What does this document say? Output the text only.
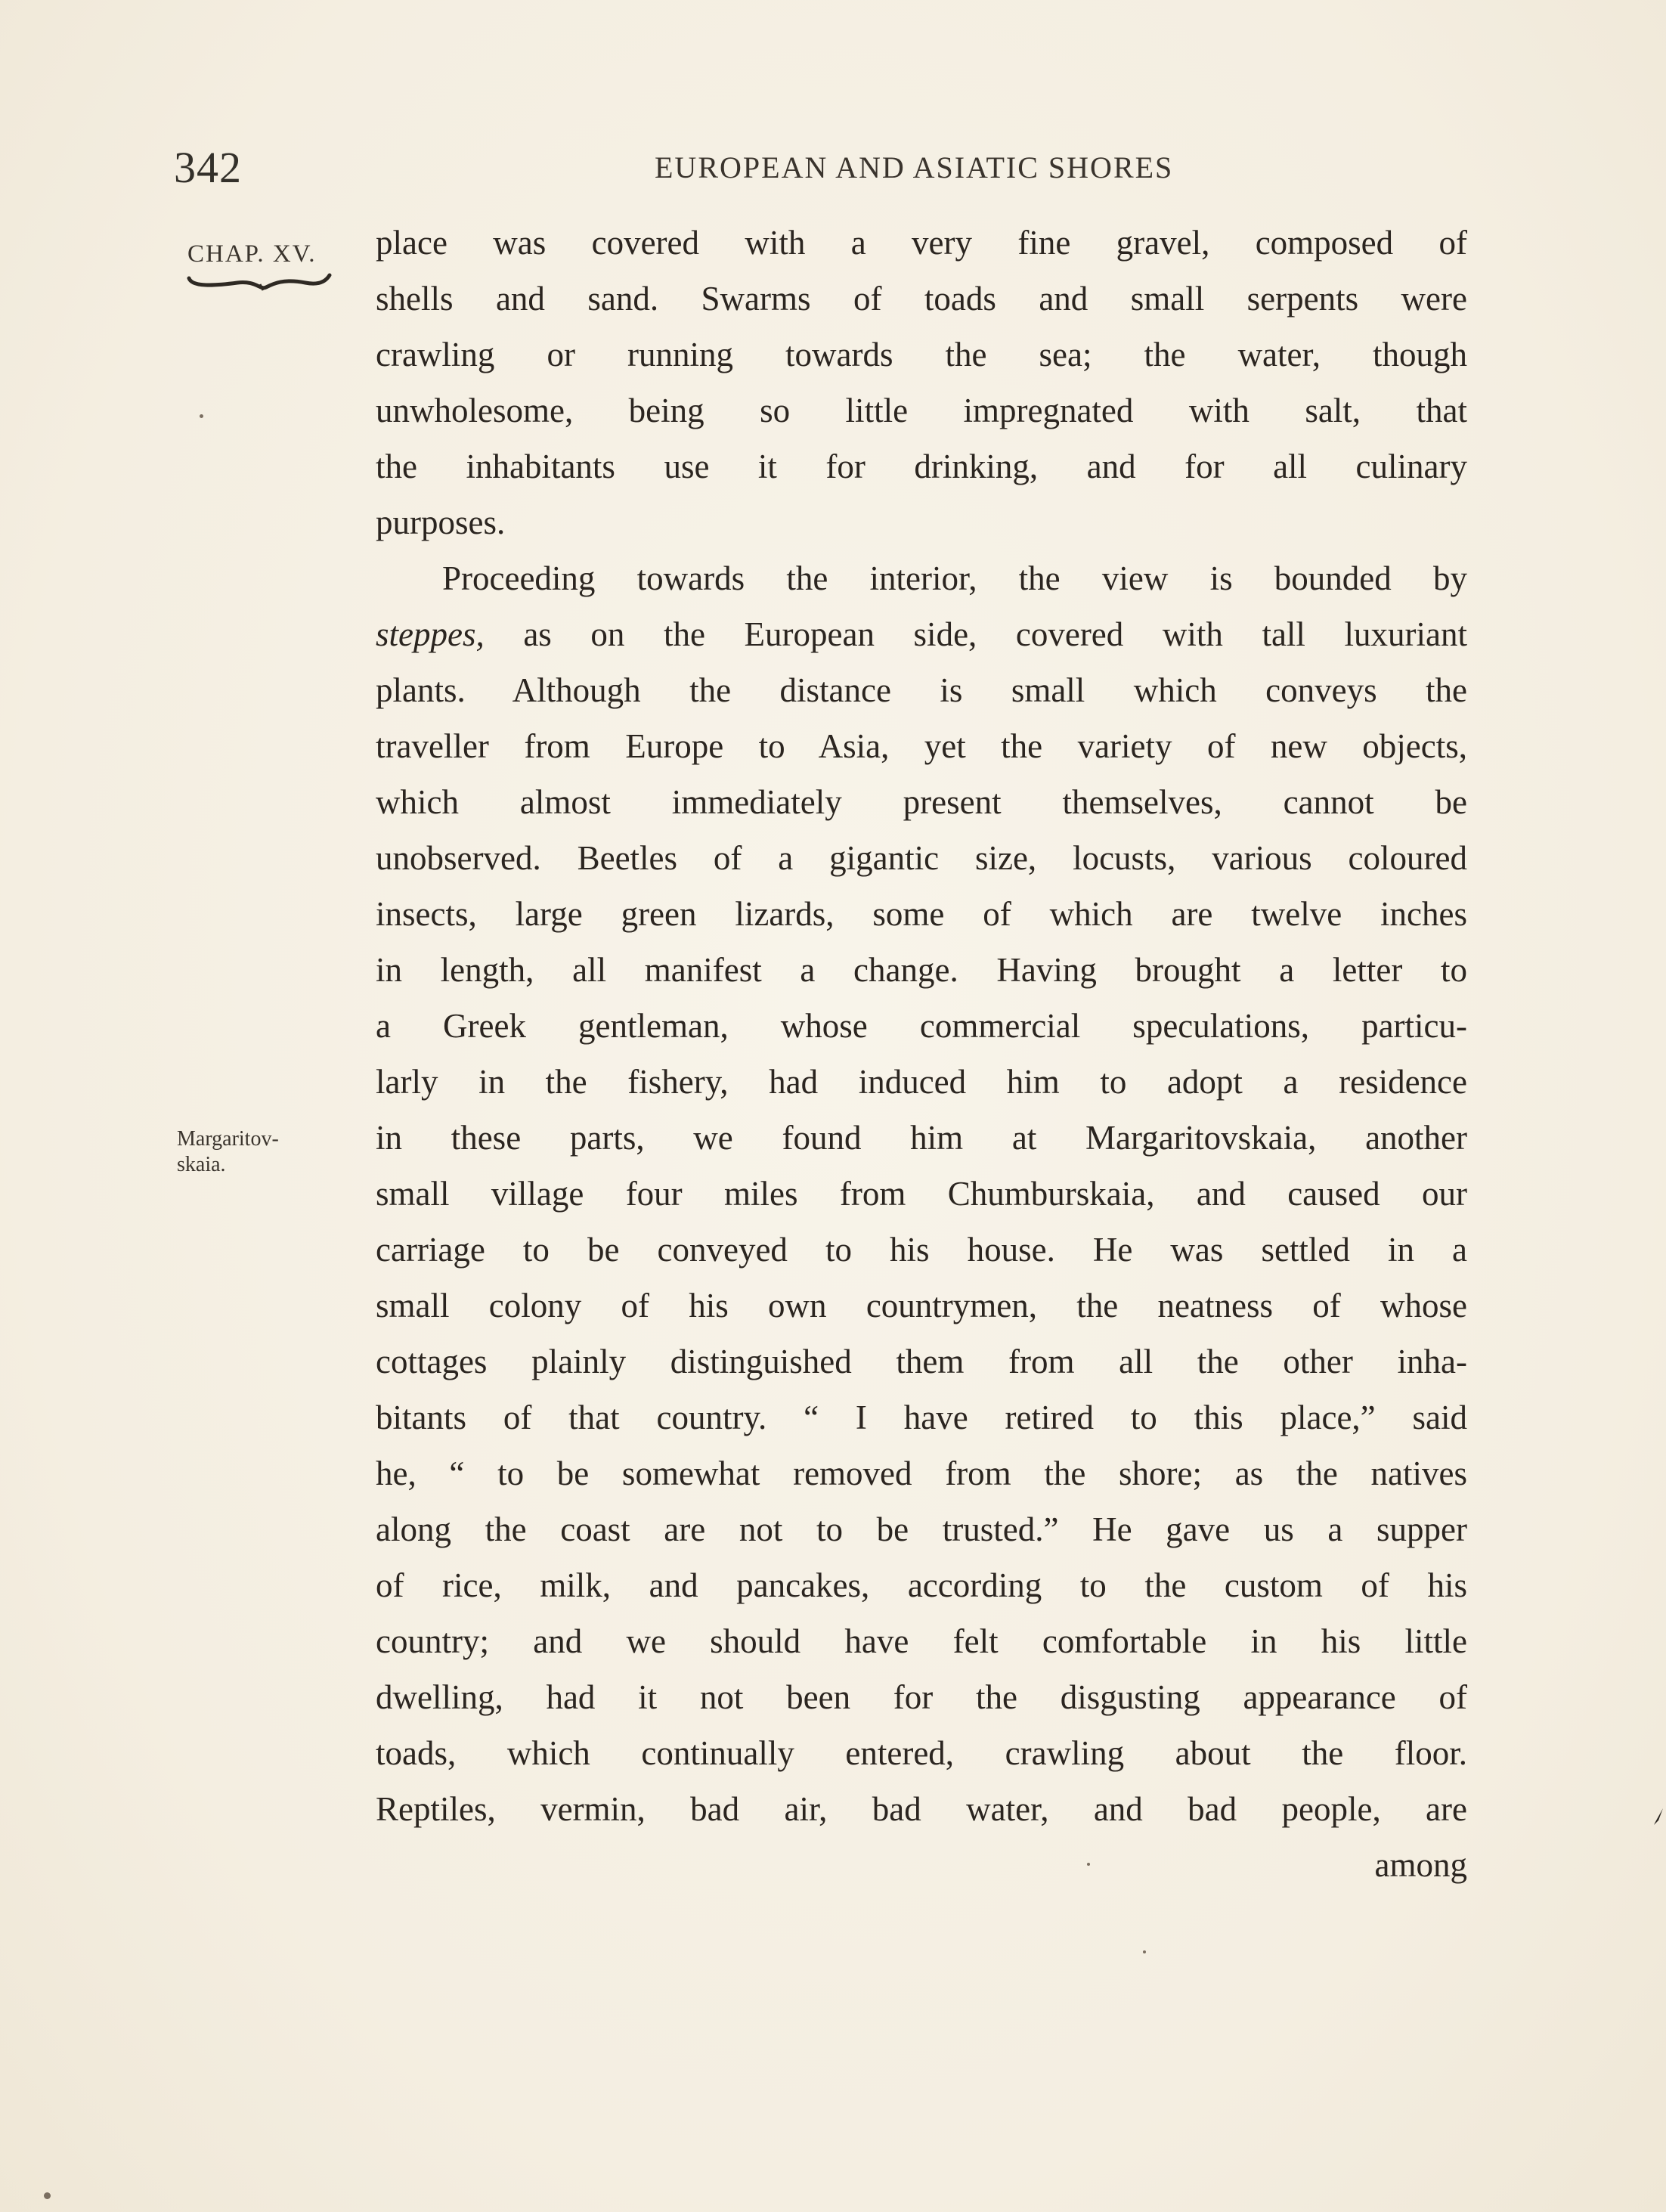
342	EUROPEAN AND ASIATIC SHORES
CHAP. XV.
Margaritov-
skaia.
place was covered with a very fine gravel, composed of
shells and sand. Swarms of toads and small serpents were
crawling or running towards the sea; the water, though
unwholesome, being so little impregnated with salt, that
the inhabitants use it for drinking, and for all culinary
purposes.
Proceeding towards the interior, the view is bounded by
steppes, as on the European side, covered with tall luxuriant
plants. Although the distance is small which conveys the
traveller from Europe to Asia, yet the variety of new objects,
which almost immediately present themselves, cannot be
unobserved. Beetles of a gigantic size, locusts, various coloured
insects, large green lizards, some of which are twelve inches
in length, all manifest a change. Having brought a letter to
a Greek gentleman, whose commercial speculations, particu-
larly in the fishery, had induced him to adopt a residence
in these parts, we found him at Margaritovskaia, another
small village four miles from Chumburskaia, and caused our
carriage to be conveyed to his house. He was settled in a
small colony of his own countrymen, the neatness of whose
cottages plainly distinguished them from all the other inha-
bitants of that country. “ I have retired to this place,” said
he, “ to be somewhat removed from the shore; as the natives
along the coast are not to be trusted.” He gave us a supper
of rice, milk, and pancakes, according to the custom of his
country; and we should have felt comfortable in his little
dwelling, had it not been for the disgusting appearance of
toads, which continually entered, crawling about the floor.
Reptiles, vermin, bad air, bad water, and bad people, are
among
